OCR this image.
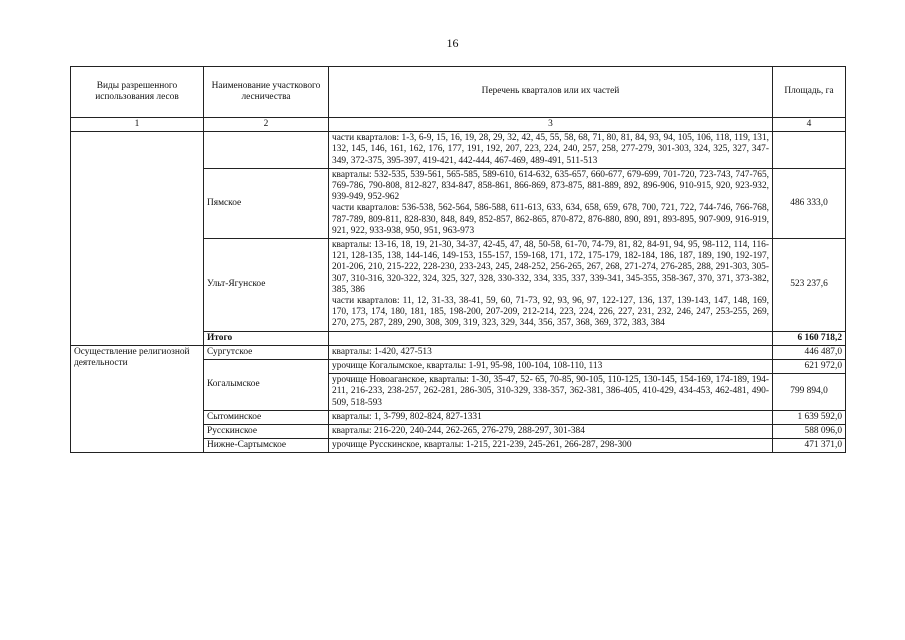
16
Виды разрешенного использования лесов	Наименование участкового лесничества	Перечень кварталов или их частей	Площадь, га
1	2	3	4
		части кварталов: 1-3, 6-9, 15, 16, 19, 28, 29, 32, 42, 45, 55, 58, 68, 71, 80, 81, 84, 93, 94, 105, 106, 118, 119, 131, 132, 145, 146, 161, 162, 176, 177, 191, 192, 207, 223, 224, 240, 257, 258, 277-279, 301-303, 324, 325, 327, 347-349, 372-375, 395-397, 419-421, 442-444, 467-469, 489-491, 511-513	
	Пямское	кварталы: 532-535, 539-561, 565-585, 589-610, 614-632, 635-657, 660-677, 679-699, 701-720, 723-743, 747-765, 769-786, 790-808, 812-827, 834-847, 858-861, 866-869, 873-875, 881-889, 892, 896-906, 910-915, 920, 923-932, 939-949, 952-962
части кварталов: 536-538, 562-564, 586-588, 611-613, 633, 634, 658, 659, 678, 700, 721, 722, 744-746, 766-768, 787-789, 809-811, 828-830, 848, 849, 852-857, 862-865, 870-872, 876-880, 890, 891, 893-895, 907-909, 916-919, 921, 922, 933-938, 950, 951, 963-973	486 333,0
	Ульт-Ягунское	кварталы: 13-16, 18, 19, 21-30, 34-37, 42-45, 47, 48, 50-58, 61-70, 74-79, 81, 82, 84-91, 94, 95, 98-112, 114, 116-121, 128-135, 138, 144-146, 149-153, 155-157, 159-168, 171, 172, 175-179, 182-184, 186, 187, 189, 190, 192-197, 201-206, 210, 215-222, 228-230, 233-243, 245, 248-252, 256-265, 267, 268, 271-274, 276-285, 288, 291-303, 305- 307, 310-316, 320-322, 324, 325, 327, 328, 330-332, 334, 335, 337, 339-341, 345-355, 358-367, 370, 371, 373-382, 385, 386
части кварталов: 11, 12, 31-33, 38-41, 59, 60, 71-73, 92, 93, 96, 97, 122-127, 136, 137, 139-143, 147, 148, 169, 170, 173, 174, 180, 181, 185, 198-200, 207-209, 212-214, 223, 224, 226, 227, 231, 232, 246, 247, 253-255, 269, 270, 275, 287, 289, 290, 308, 309, 319, 323, 329, 344, 356, 357, 368, 369, 372, 383, 384	523 237,6
	Итого		6 160 718,2
Осуществление религиозной деятельности	Сургутское	кварталы: 1-420, 427-513	446 487,0
	Когалымское	урочище Когалымское, кварталы: 1-91, 95-98, 100-104, 108-110, 113	621 972,0
		урочище Новоаганское, кварталы: 1-30, 35-47, 52- 65, 70-85, 90-105, 110-125, 130-145, 154-169, 174-189, 194-211, 216-233, 238-257, 262-281, 286-305, 310-329, 338-357, 362-381, 386-405, 410-429, 434-453, 462-481, 490-509, 518-593	799 894,0
	Сытоминское	кварталы: 1, 3-799, 802-824, 827-1331	1 639 592,0
	Русскинское	кварталы: 216-220, 240-244, 262-265, 276-279, 288-297, 301-384	588 096,0
	Нижне-Сартымское	урочище Русскинское, кварталы: 1-215, 221-239, 245-261, 266-287, 298-300	471 371,0
